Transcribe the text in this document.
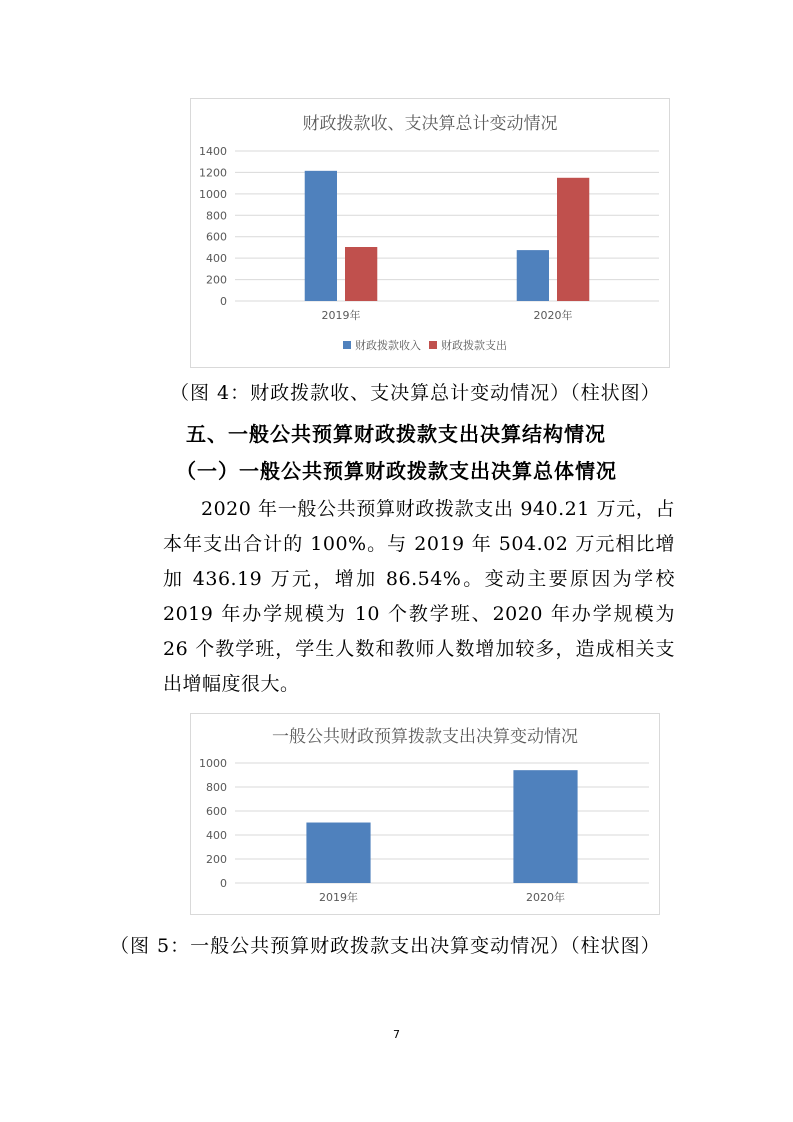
财政拨款收、支决算总计变动情况
0
200
400
600
800
1000
1200
1400
2019年	2020年
财政拨款收入 财政拨款支出
（图 4：财政拨款收、支决算总计变动情况）（柱状图）
五、一般公共预算财政拨款支出决算结构情况
（一）一般公共预算财政拨款支出决算总体情况
2020 年一般公共预算财政拨款支出 940.21 万元，占本年支出合计的 100%。与 2019 年 504.02 万元相比增加 436.19 万元，增加 86.54%。变动主要原因为学校 2019 年办学规模为 10 个教学班、2020 年办学规模为 26 个教学班，学生人数和教师人数增加较多，造成相关支出增幅度很大。
一般公共财政预算拨款支出决算变动情况
0
200
400
600
800
1000
2019年	2020年
（图 5：一般公共预算财政拨款支出决算变动情况）（柱状图）
7
